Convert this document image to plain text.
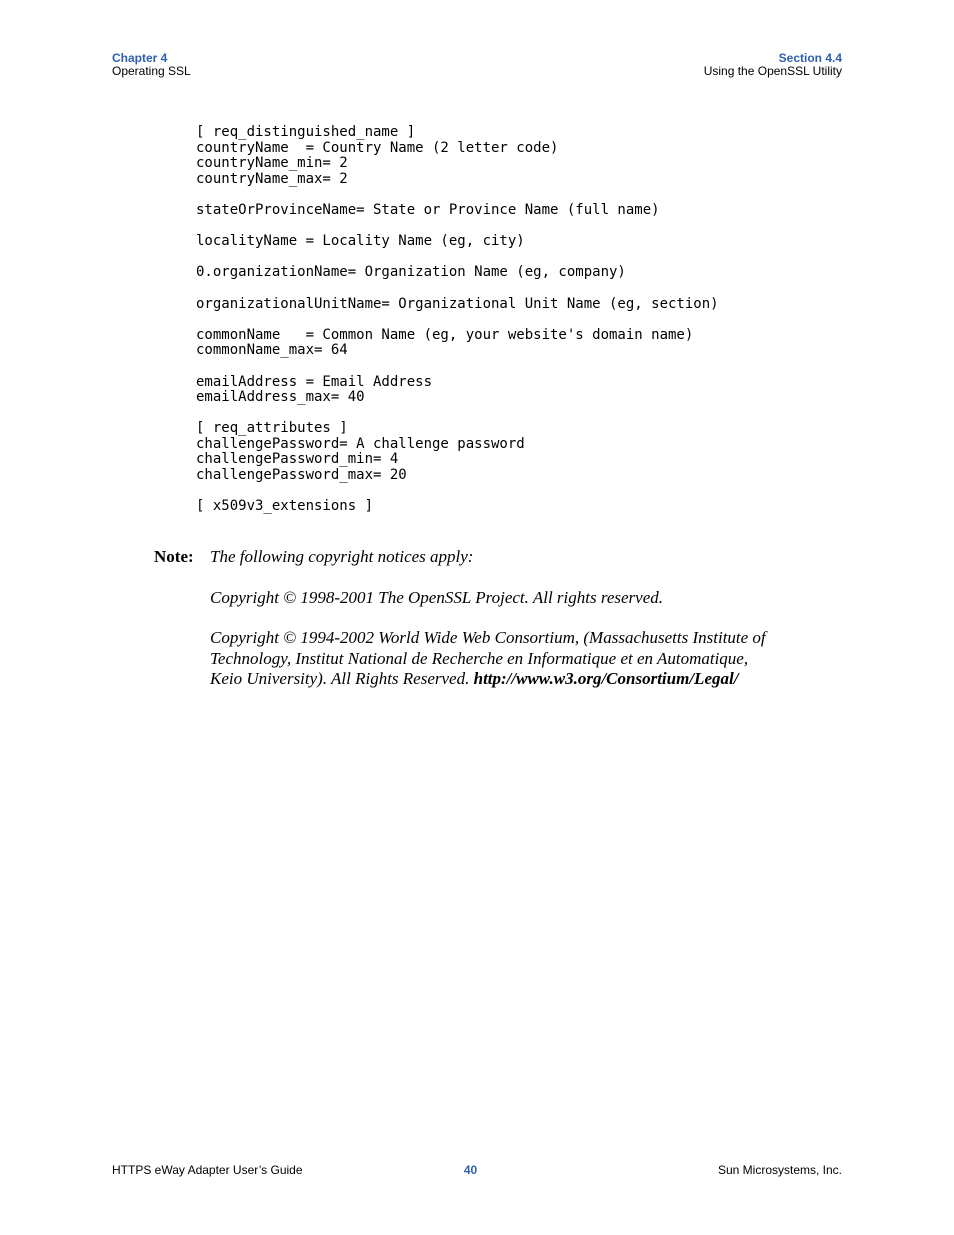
Chapter 4
Operating SSL
Section 4.4
Using the OpenSSL Utility
[ req_distinguished_name ]
countryName  = Country Name (2 letter code)
countryName_min= 2
countryName_max= 2
stateOrProvinceName= State or Province Name (full name)
localityName = Locality Name (eg, city)
0.organizationName= Organization Name (eg, company)
organizationalUnitName= Organizational Unit Name (eg, section)
commonName   = Common Name (eg, your website's domain name)
commonName_max= 64
emailAddress = Email Address
emailAddress_max= 40
[ req_attributes ]
challengePassword= A challenge password
challengePassword_min= 4
challengePassword_max= 20
[ x509v3_extensions ]
Note: The following copyright notices apply:

Copyright © 1998-2001 The OpenSSL Project. All rights reserved.

Copyright © 1994-2002 World Wide Web Consortium, (Massachusetts Institute of
Technology, Institut National de Recherche en Informatique et en Automatique,
Keio University). All Rights Reserved. http://www.w3.org/Consortium/Legal/

HTTPS eWay Adapter User’s Guide	40	Sun Microsystems, Inc.
